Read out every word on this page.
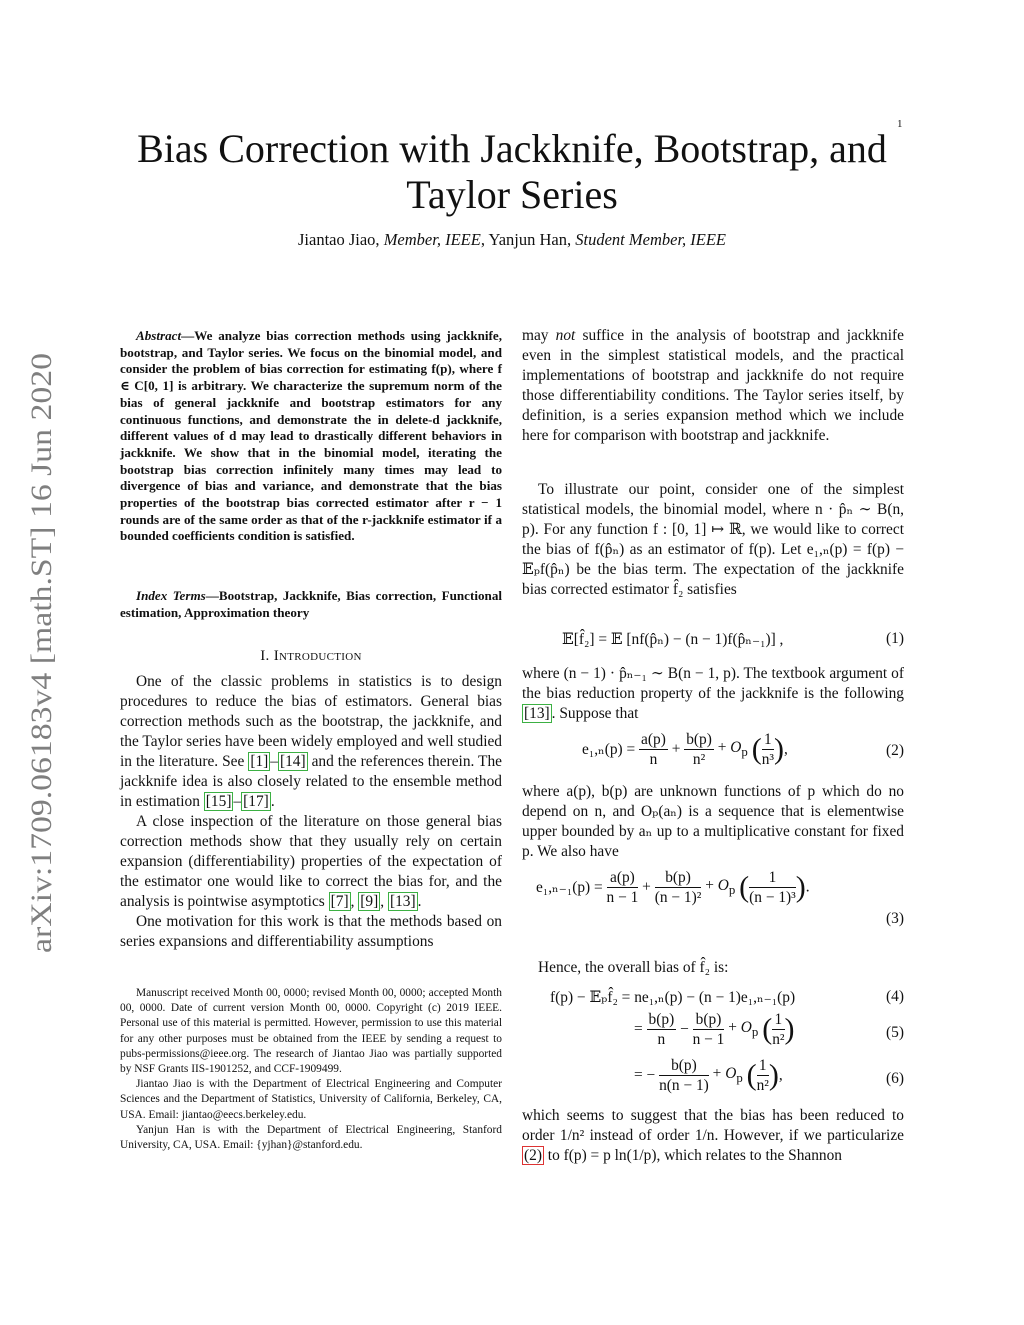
1
Bias Correction with Jackknife, Bootstrap, and
Taylor Series
Jiantao Jiao, Member, IEEE, Yanjun Han, Student Member, IEEE
arXiv:1709.06183v4 [math.ST] 16 Jun 2020

Abstract—We analyze bias correction methods using jackknife, bootstrap, and Taylor series. We focus on the binomial model, and consider the problem of bias correction for estimating f(p), where f ∈ C[0, 1] is arbitrary. We characterize the supremum norm of the bias of general jackknife and bootstrap estimators for any continuous functions, and demonstrate the in delete-d jackknife, different values of d may lead to drastically different behaviors in jackknife. We show that in the binomial model, iterating the bootstrap bias correction infinitely many times may lead to divergence of bias and variance, and demonstrate that the bias properties of the bootstrap bias corrected estimator after r − 1 rounds are of the same order as that of the r-jackknife estimator if a bounded coefficients condition is satisfied.

Index Terms—Bootstrap, Jackknife, Bias correction, Functional estimation, Approximation theory

I. Introduction

One of the classic problems in statistics is to design procedures to reduce the bias of estimators. General bias correction methods such as the bootstrap, the jackknife, and the Taylor series have been widely employed and well studied in the literature. See [1] – [14] and the references therein. The jackknife idea is also closely related to the ensemble method in estimation [15] – [17] .

A close inspection of the literature on those general bias correction methods show that they usually rely on certain expansion (differentiability) properties of the expectation of the estimator one would like to correct the bias for, and the analysis is pointwise asymptotics [7] , [9] , [13] .

One motivation for this work is that the methods based on series expansions and differentiability assumptions

Manuscript received Month 00, 0000; revised Month 00, 0000; accepted Month 00, 0000. Date of current version Month 00, 0000. Copyright (c) 2019 IEEE. Personal use of this material is permitted. However, permission to use this material for any other purposes must be obtained from the IEEE by sending a request to pubs-permissions@ieee.org. The research of Jiantao Jiao was partially supported by NSF Grants IIS-1901252, and CCF-1909499.

Jiantao Jiao is with the Department of Electrical Engineering and Computer Sciences and the Department of Statistics, University of California, Berkeley, CA, USA. Email: jiantao@eecs.berkeley.edu.

Yanjun Han is with the Department of Electrical Engineering, Stanford University, CA, USA. Email: {yjhan}@stanford.edu.

may not suffice in the analysis of bootstrap and jackknife even in the simplest statistical models, and the practical implementations of bootstrap and jackknife do not require those differentiability conditions. The Taylor series itself, by definition, is a series expansion method which we include here for comparison with bootstrap and jackknife.

To illustrate our point, consider one of the simplest statistical models, the binomial model, where n · p̂ₙ ∼ B(n, p). For any function f : [0, 1] ↦ ℝ, we would like to correct the bias of f(p̂ₙ) as an estimator of f(p). Let e₁,ₙ(p) = f(p) − 𝔼ₚf(p̂ₙ) be the bias term. The expectation of the jackknife bias corrected estimator f̂₂ satisfies

𝔼[f̂₂] = 𝔼 [nf(p̂ₙ) − (n − 1)f(p̂ₙ₋₁)] ,	(1)

where (n − 1) · p̂ₙ₋₁ ∼ B(n − 1, p). The textbook argument of the bias reduction property of the jackknife is the following [13] . Suppose that

$e_1,_n(p) = \frac{a(p)}{n} + \frac{b(p)}{\text{n²}} + O_p$ ( $\frac{1}{\text{n³}}$ ),	(2)

where a(p), b(p) are unknown functions of p which do no depend on n, and Oₚ(aₙ) is a sequence that is elementwise upper bounded by aₙ up to a multiplicative constant for fixed p. We also have

$e_1,_{n-1}(p) = \frac{a(p)}{n - 1} + \frac{b(p)}{\text{(n − 1)²}} + O_p$ ( $\frac{1}{\text{(n − 1)³}}$ ).
(3)

Hence, the overall bias of f̂₂ is:

f(p) − 𝔼ₚf̂₂ = ne₁,ₙ(p) − (n − 1)e₁,ₙ₋₁(p)	(4)
= $\frac{b(p)}{n} - \frac{b(p)}{n - 1} + O_p$ ( $\frac{1}{\text{n²}}$ )	(5)
= − $\frac{b(p)}{n(n - 1)} + O_p$ ( $\frac{1}{\text{n²}}$ ),	(6)

which seems to suggest that the bias has been reduced to order 1/n² instead of order 1/n. However, if we particularize (2) to f(p) = p ln(1/p), which relates to the Shannon
